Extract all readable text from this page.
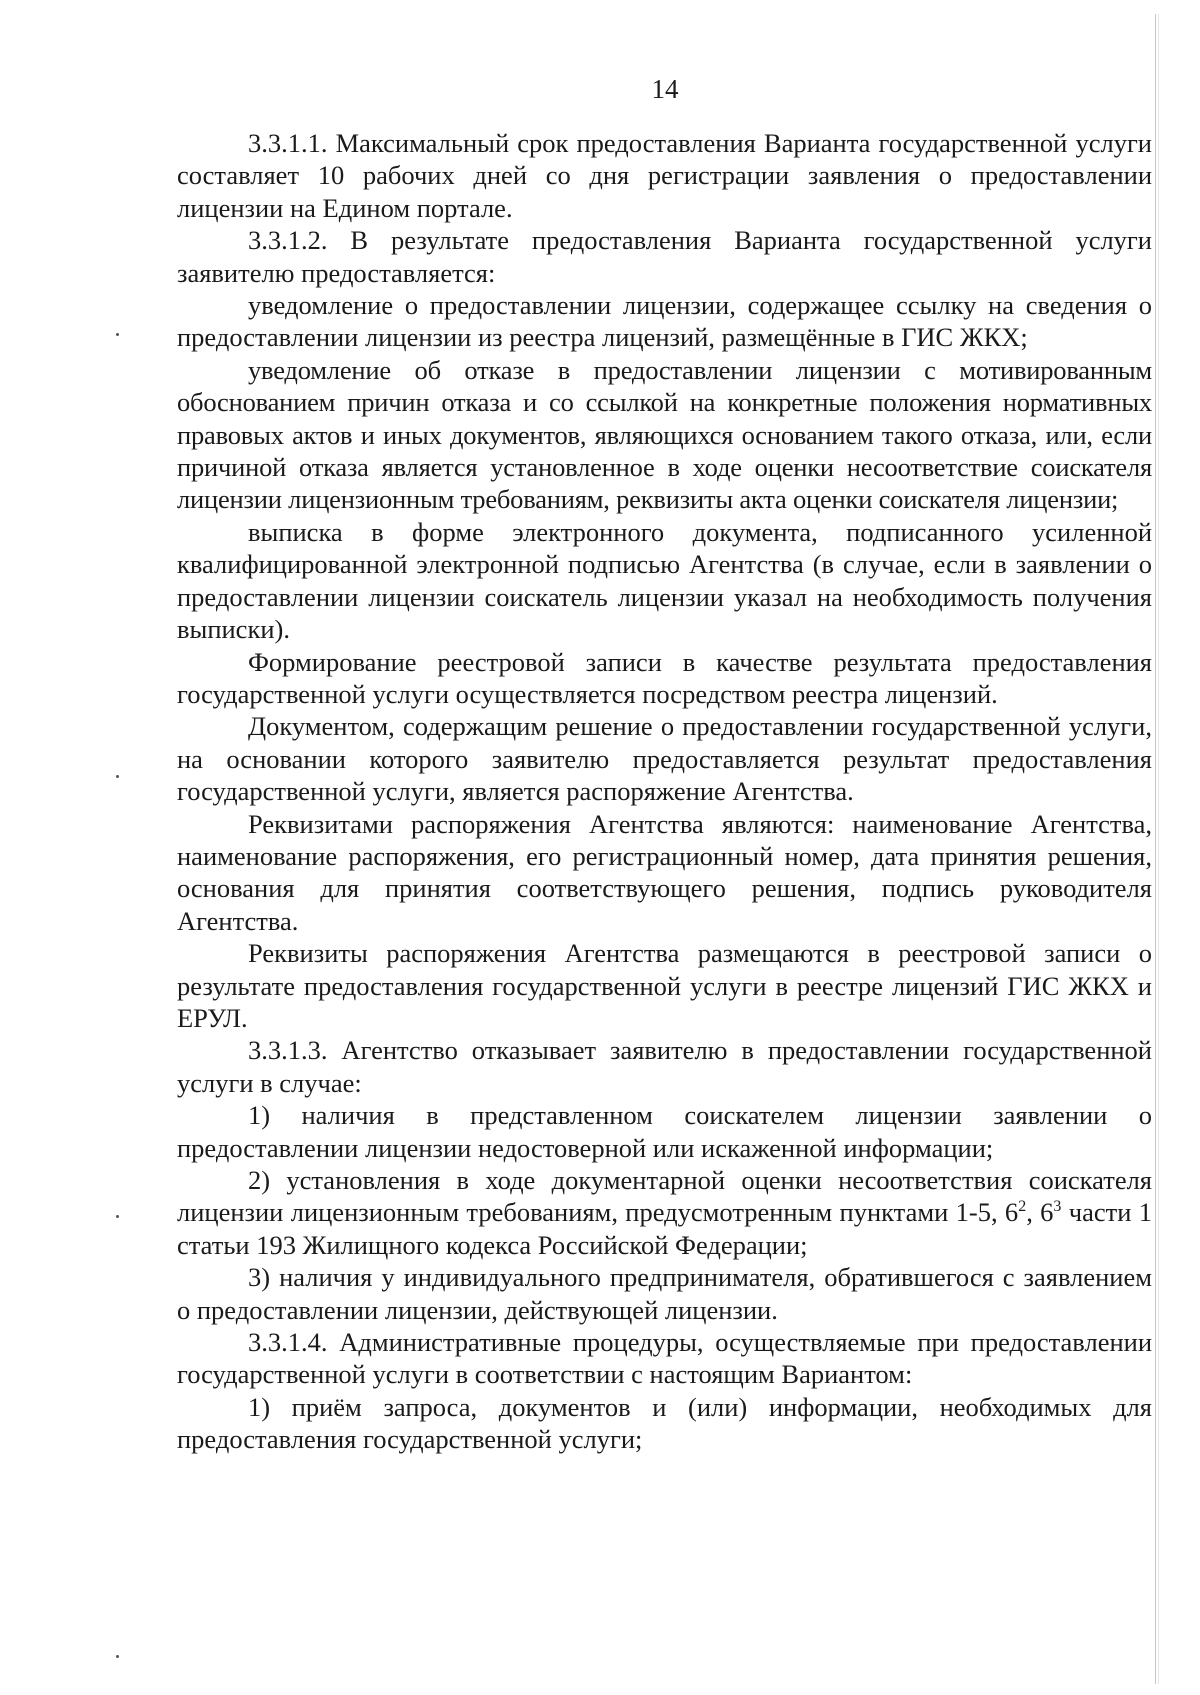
14

3.3.1.1. Максимальный срок предоставления Варианта государственной услуги составляет 10 рабочих дней со дня регистрации заявления о предоставлении лицензии на Едином портале.

3.3.1.2. В результате предоставления Варианта государственной услуги заявителю предоставляется:

уведомление о предоставлении лицензии, содержащее ссылку на сведения о предоставлении лицензии из реестра лицензий, размещённые в ГИС ЖКХ;

уведомление об отказе в предоставлении лицензии с мотивированным обоснованием причин отказа и со ссылкой на конкретные положения нормативных правовых актов и иных документов, являющихся основанием такого отказа, или, если причиной отказа является установленное в ходе оценки несоответствие соискателя лицензии лицензионным требованиям, реквизиты акта оценки соискателя лицензии;

выписка в форме электронного документа, подписанного усиленной квалифицированной электронной подписью Агентства (в случае, если в заявлении о предоставлении лицензии соискатель лицензии указал на необходимость получения выписки).

Формирование реестровой записи в качестве результата предоставления государственной услуги осуществляется посредством реестра лицензий.

Документом, содержащим решение о предоставлении государственной услуги, на основании которого заявителю предоставляется результат предоставления государственной услуги, является распоряжение Агентства.

Реквизитами распоряжения Агентства являются: наименование Агентства, наименование распоряжения, его регистрационный номер, дата принятия решения, основания для принятия соответствующего решения, подпись руководителя Агентства.

Реквизиты распоряжения Агентства размещаются в реестровой записи о результате предоставления государственной услуги в реестре лицензий ГИС ЖКХ и ЕРУЛ.

3.3.1.3. Агентство отказывает заявителю в предоставлении государственной услуги в случае:

1) наличия в представленном соискателем лицензии заявлении о предоставлении лицензии недостоверной или искаженной информации;

2) установления в ходе документарной оценки несоответствия соискателя лицензии лицензионным требованиям, предусмотренным пунктами 1-5, $6^2$, $6^3$ части 1 статьи 193 Жилищного кодекса Российской Федерации;

3) наличия у индивидуального предпринимателя, обратившегося с заявлением о предоставлении лицензии, действующей лицензии.

3.3.1.4. Административные процедуры, осуществляемые при предоставлении государственной услуги в соответствии с настоящим Вариантом:

1) приём запроса, документов и (или) информации, необходимых для предоставления государственной услуги;
